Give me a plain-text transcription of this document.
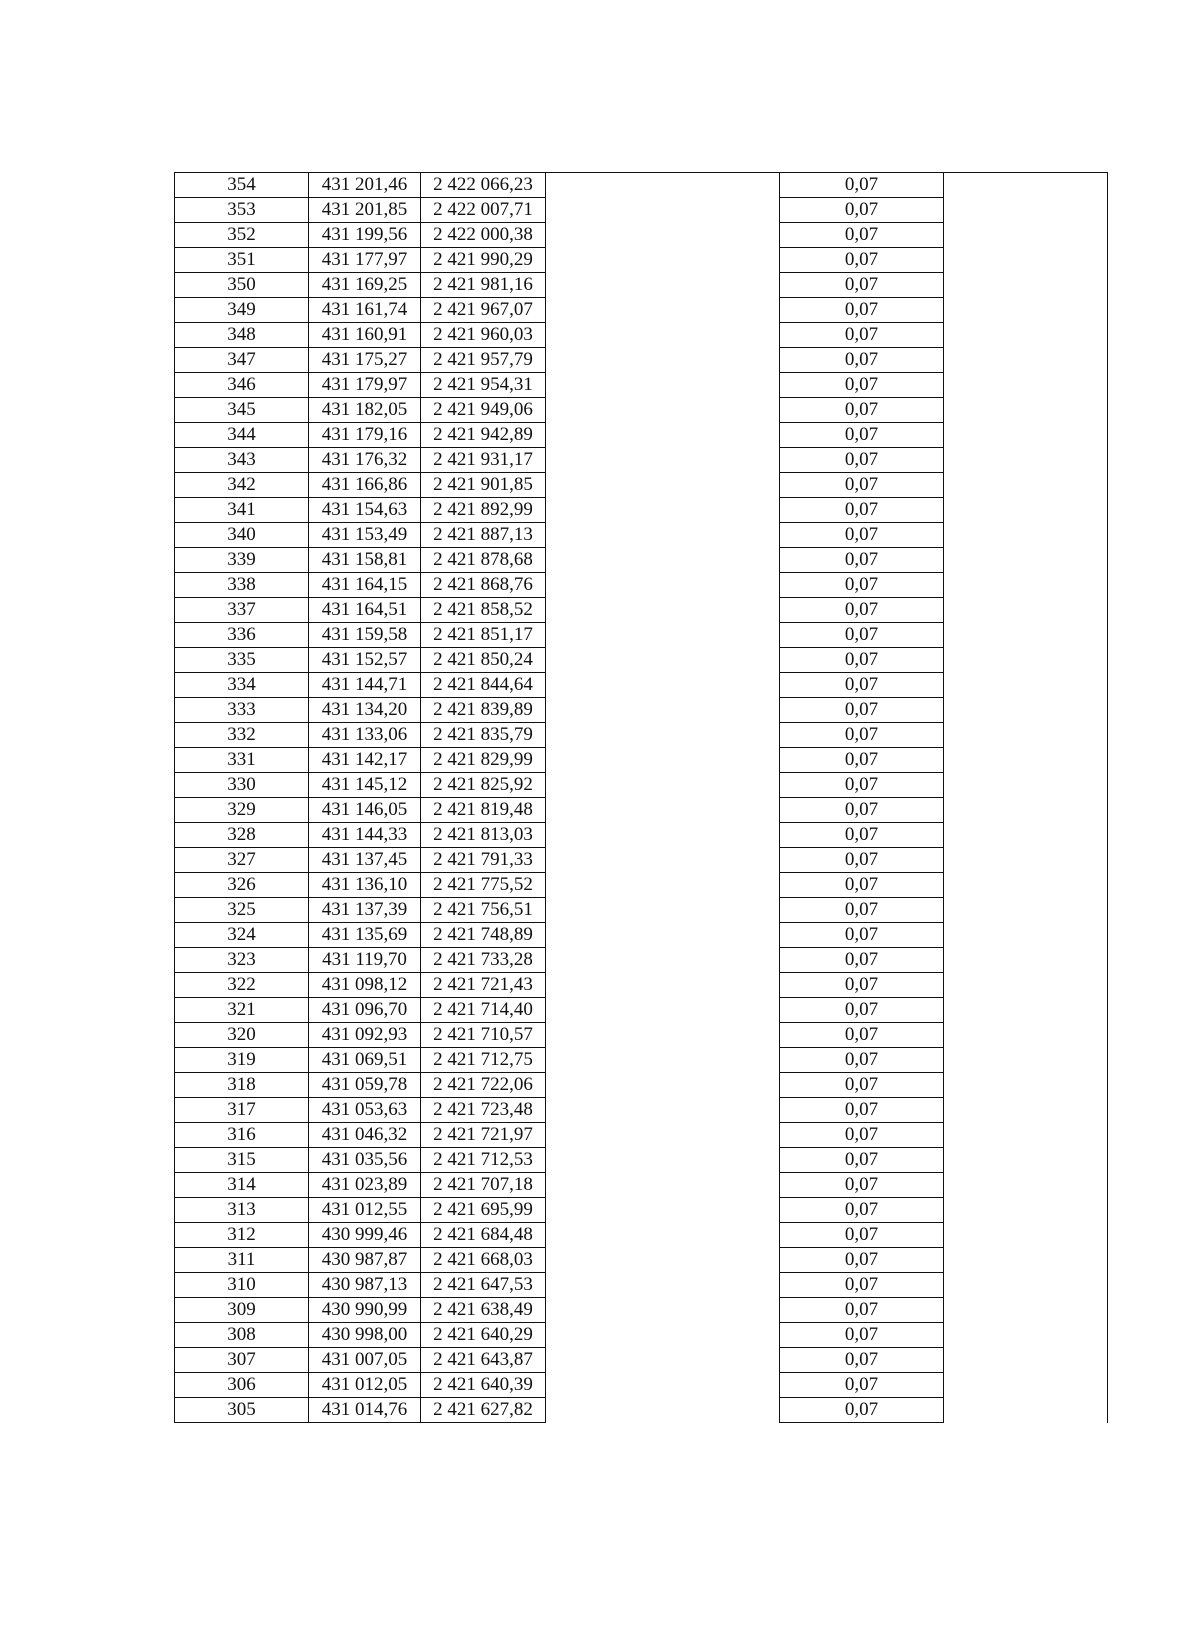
354	431 201,46	2 422 066,23		0,07	
353	431 201,85	2 422 007,71		0,07	
352	431 199,56	2 422 000,38		0,07	
351	431 177,97	2 421 990,29		0,07	
350	431 169,25	2 421 981,16		0,07	
349	431 161,74	2 421 967,07		0,07	
348	431 160,91	2 421 960,03		0,07	
347	431 175,27	2 421 957,79		0,07	
346	431 179,97	2 421 954,31		0,07	
345	431 182,05	2 421 949,06		0,07	
344	431 179,16	2 421 942,89		0,07	
343	431 176,32	2 421 931,17		0,07	
342	431 166,86	2 421 901,85		0,07	
341	431 154,63	2 421 892,99		0,07	
340	431 153,49	2 421 887,13		0,07	
339	431 158,81	2 421 878,68		0,07	
338	431 164,15	2 421 868,76		0,07	
337	431 164,51	2 421 858,52		0,07	
336	431 159,58	2 421 851,17		0,07	
335	431 152,57	2 421 850,24		0,07	
334	431 144,71	2 421 844,64		0,07	
333	431 134,20	2 421 839,89		0,07	
332	431 133,06	2 421 835,79		0,07	
331	431 142,17	2 421 829,99		0,07	
330	431 145,12	2 421 825,92		0,07	
329	431 146,05	2 421 819,48		0,07	
328	431 144,33	2 421 813,03		0,07	
327	431 137,45	2 421 791,33		0,07	
326	431 136,10	2 421 775,52		0,07	
325	431 137,39	2 421 756,51		0,07	
324	431 135,69	2 421 748,89		0,07	
323	431 119,70	2 421 733,28		0,07	
322	431 098,12	2 421 721,43		0,07	
321	431 096,70	2 421 714,40		0,07	
320	431 092,93	2 421 710,57		0,07	
319	431 069,51	2 421 712,75		0,07	
318	431 059,78	2 421 722,06		0,07	
317	431 053,63	2 421 723,48		0,07	
316	431 046,32	2 421 721,97		0,07	
315	431 035,56	2 421 712,53		0,07	
314	431 023,89	2 421 707,18		0,07	
313	431 012,55	2 421 695,99		0,07	
312	430 999,46	2 421 684,48		0,07	
311	430 987,87	2 421 668,03		0,07	
310	430 987,13	2 421 647,53		0,07	
309	430 990,99	2 421 638,49		0,07	
308	430 998,00	2 421 640,29		0,07	
307	431 007,05	2 421 643,87		0,07	
306	431 012,05	2 421 640,39		0,07	
305	431 014,76	2 421 627,82		0,07	
